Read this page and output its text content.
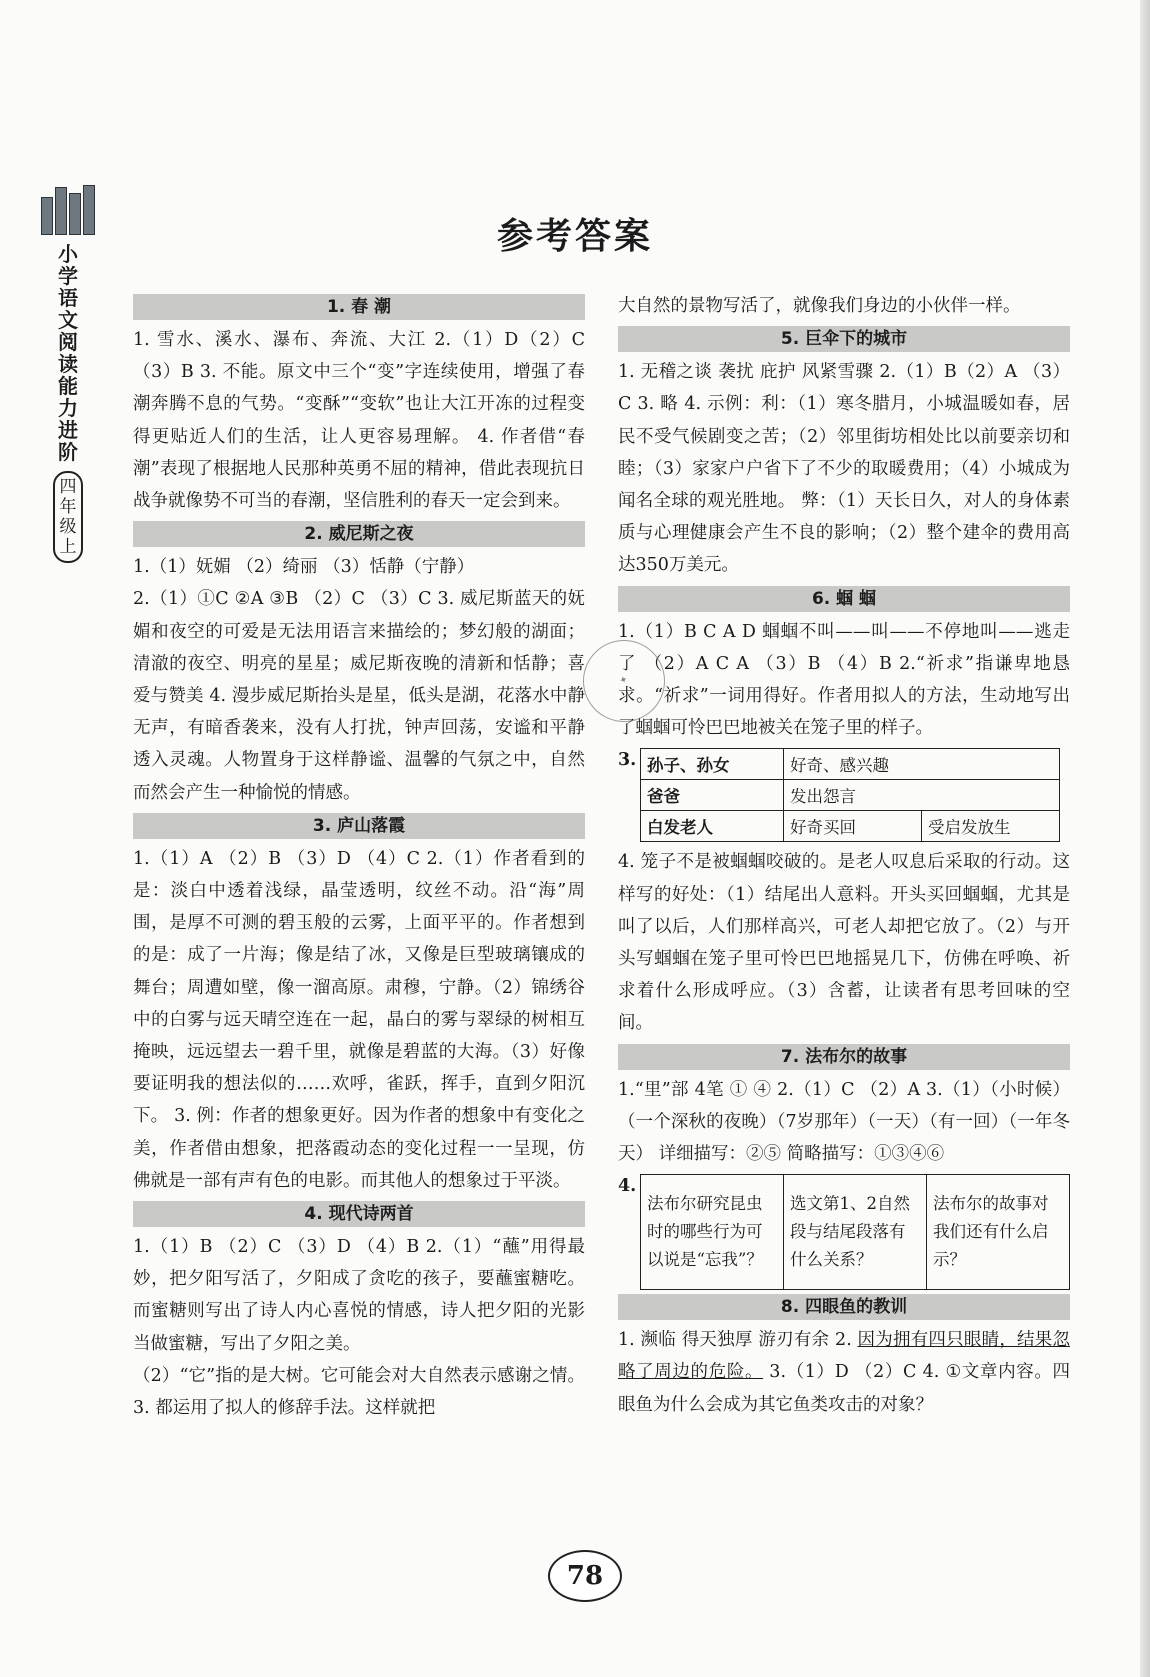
小学语文阅读能力进阶
四年级上
参考答案
1. 春 潮

1. 雪水、溪水、瀑布、奔流、大江 2.（1）D（2）C （3）B 3. 不能。原文中三个“变”字连续使用，增强了春潮奔腾不息的气势。“变酥”“变软”也让大江开冻的过程变得更贴近人们的生活，让人更容易理解。 4. 作者借“春潮”表现了根据地人民那种英勇不屈的精神，借此表现抗日战争就像势不可当的春潮，坚信胜利的春天一定会到来。

2. 威尼斯之夜

1.（1）妩媚 （2）绮丽 （3）恬静（宁静）

2.（1）①C ②A ③B （2）C （3）C 3. 威尼斯蓝天的妩媚和夜空的可爱是无法用语言来描绘的；梦幻般的湖面；清澈的夜空、明亮的星星；威尼斯夜晚的清新和恬静；喜爱与赞美 4. 漫步威尼斯抬头是星，低头是湖，花落水中静无声，有暗香袭来，没有人打扰，钟声回荡，安谧和平静透入灵魂。人物置身于这样静谧、温馨的气氛之中，自然而然会产生一种愉悦的情感。

3. 庐山落霞

1.（1）A （2）B （3）D （4）C 2.（1）作者看到的是：淡白中透着浅绿，晶莹透明，纹丝不动。沿“海”周围，是厚不可测的碧玉般的云雾，上面平平的。作者想到的是：成了一片海；像是结了冰，又像是巨型玻璃镶成的舞台；周遭如壁，像一溜高原。肃穆，宁静。（2）锦绣谷中的白雾与远天晴空连在一起，晶白的雾与翠绿的树相互掩映，远远望去一碧千里，就像是碧蓝的大海。（3）好像要证明我的想法似的……欢呼，雀跃，挥手，直到夕阳沉下。 3. 例：作者的想象更好。因为作者的想象中有变化之美，作者借由想象，把落霞动态的变化过程一一呈现，仿佛就是一部有声有色的电影。而其他人的想象过于平淡。

4. 现代诗两首

1.（1）B （2）C （3）D （4）B 2.（1）“蘸”用得最妙，把夕阳写活了，夕阳成了贪吃的孩子，要蘸蜜糖吃。而蜜糖则写出了诗人内心喜悦的情感，诗人把夕阳的光影当做蜜糖，写出了夕阳之美。

（2）“它”指的是大树。它可能会对大自然表示感谢之情。 3. 都运用了拟人的修辞手法。这样就把

大自然的景物写活了，就像我们身边的小伙伴一样。

5. 巨伞下的城市

1. 无稽之谈 袭扰 庇护 风紧雪骤 2.（1）B（2）A （3）C 3. 略 4. 示例：利：（1）寒冬腊月，小城温暖如春，居民不受气候剧变之苦；（2）邻里街坊相处比以前要亲切和睦；（3）家家户户省下了不少的取暖费用；（4）小城成为闻名全球的观光胜地。 弊：（1）天长日久，对人的身体素质与心理健康会产生不良的影响；（2）整个建伞的费用高达350万美元。

6. 蝈 蝈

1.（1）B C A D 蝈蝈不叫——叫——不停地叫——逃走了 （2）A C A （3）B （4）B 2.“祈求”指谦卑地恳求。“祈求”一词用得好。作者用拟人的方法，生动地写出了蝈蝈可怜巴巴地被关在笼子里的样子。

3. 孙子、孙女	好奇、感兴趣	
爸爸	发出怨言	
白发老人	好奇买回	受启发放生

4. 笼子不是被蝈蝈咬破的。是老人叹息后采取的行动。这样写的好处：（1）结尾出人意料。开头买回蝈蝈，尤其是叫了以后，人们那样高兴，可老人却把它放了。（2）与开头写蝈蝈在笼子里可怜巴巴地摇晃几下，仿佛在呼唤、祈求着什么形成呼应。（3）含蓄，让读者有思考回味的空间。

7. 法布尔的故事

1.“里”部 4笔 ① ④ 2.（1）C （2）A 3.（1）（小时候）（一个深秋的夜晚）（7岁那年）（一天）（有一回）（一年冬天） 详细描写：②⑤ 简略描写：①③④⑥

4.
法布尔研究昆虫时的哪些行为可以说是“忘我”？	选文第1、2自然段与结尾段落有什么关系？	法布尔的故事对我们还有什么启示？
8. 四眼鱼的教训

1. 濒临 得天独厚 游刃有余 2. 因为拥有四只眼睛，结果忽略了周边的危险。 3.（1）D （2）C 4. ①文章内容。四眼鱼为什么会成为其它鱼类攻击的对象？

✦
78
